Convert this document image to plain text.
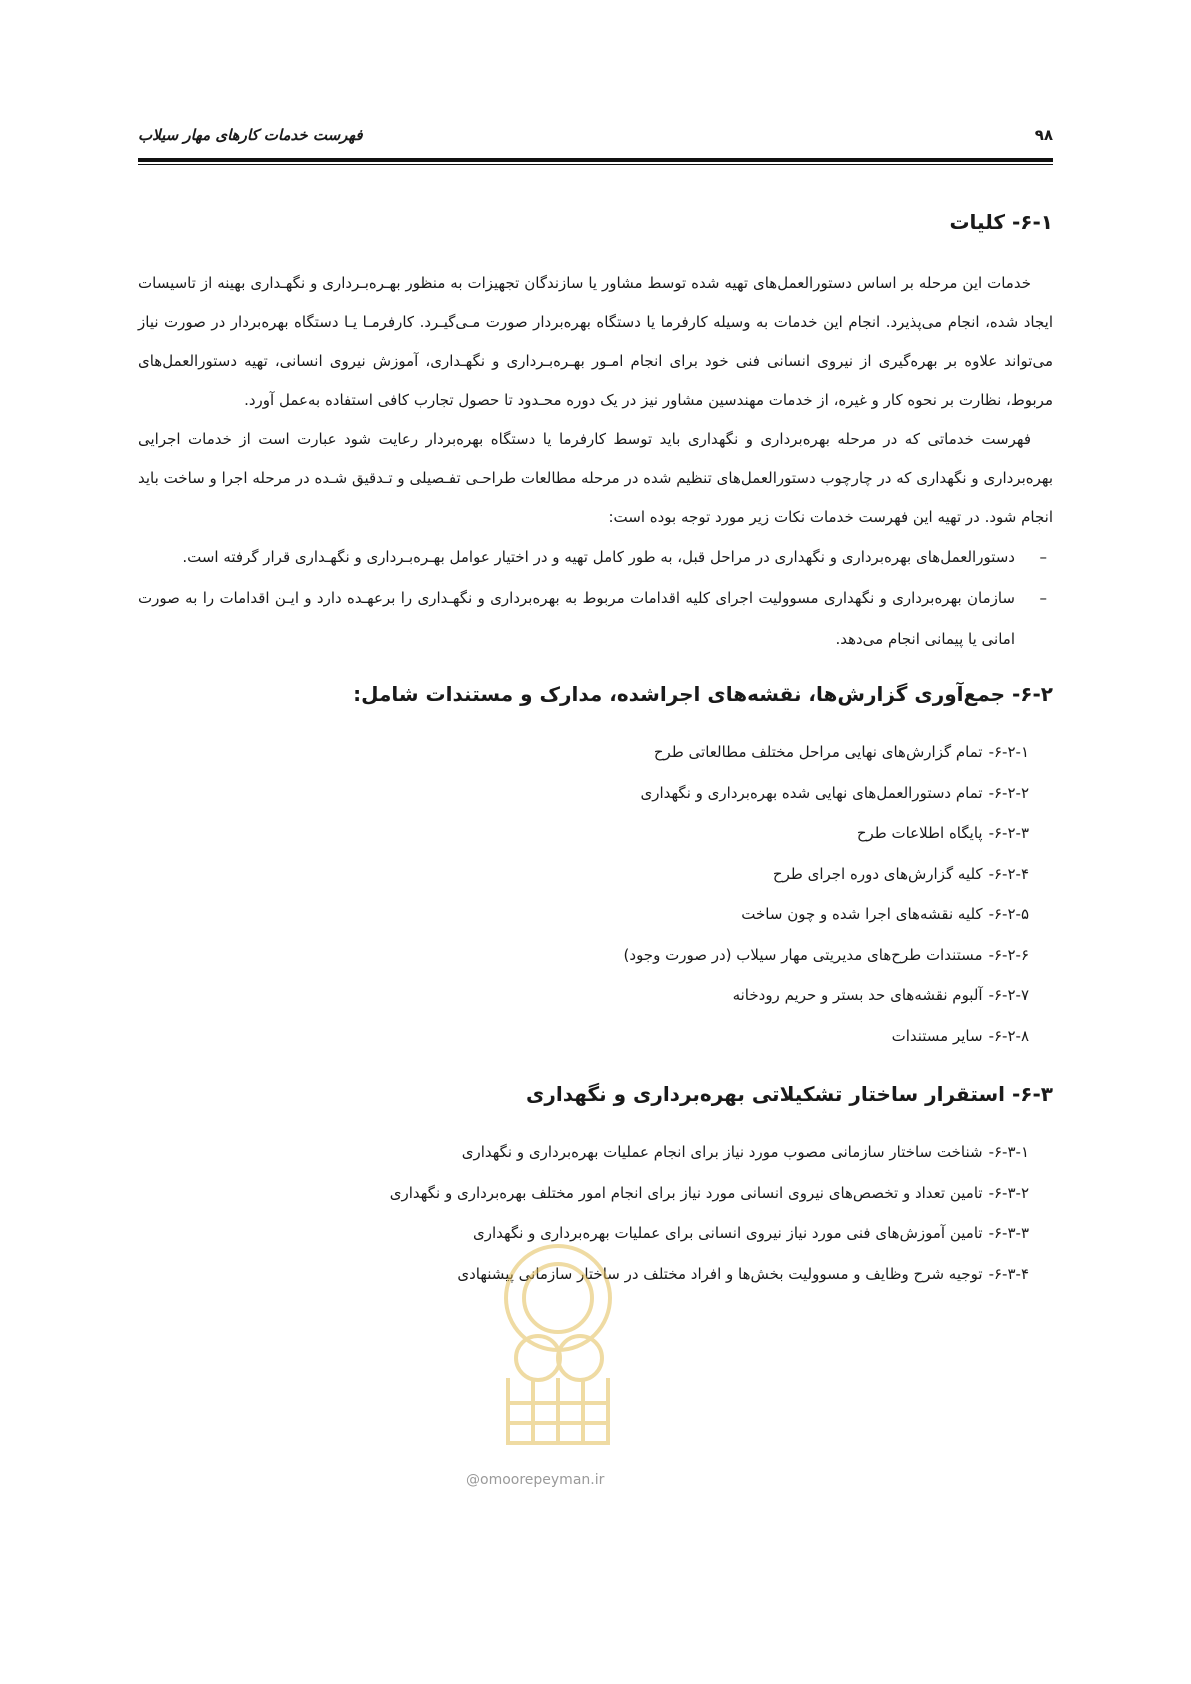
۹۸
فهرست خدمات کارهای مهار سیلاب
۶-۱- کلیات

خدمات این مرحله بر اساس دستورالعمل‌های تهیه شده توسط مشاور یا سازندگان تجهیزات به منظور بهـره‌بـرداری و نگهـداری بهینه از تاسیسات ایجاد شده، انجام می‌پذیرد. انجام این خدمات به وسیله کارفرما یا دستگاه بهره‌بردار صورت مـی‌گیـرد. کارفرمـا یـا دستگاه بهره‌بردار در صورت نیاز می‌تواند علاوه بر بهره‌گیری از نیروی انسانی فنی خود برای انجام امـور بهـره‌بـرداری و نگهـداری، آموزش نیروی انسانی، تهیه دستورالعمل‌های مربوط، نظارت بر نحوه کار و غیره، از خدمات مهندسین مشاور نیز در یک دوره محـدود تا حصول تجارب کافی استفاده به‌عمل آورد.

فهرست خدماتی که در مرحله بهره‌برداری و نگهداری باید توسط کارفرما یا دستگاه بهره‌بردار رعایت شود عبارت است از خدمات اجرایی بهره‌برداری و نگهداری که در چارچوب دستورالعمل‌های تنظیم شده در مرحله مطالعات طراحـی تفـصیلی و تـدقیق شـده در مرحله اجرا و ساخت باید انجام شود. در تهیه این فهرست خدمات نکات زیر مورد توجه بوده است:

–
دستورالعمل‌های بهره‌برداری و نگهداری در مراحل قبل، به طور کامل تهیه و در اختیار عوامل بهـره‌بـرداری و نگهـداری قرار گرفته است.
–
سازمان بهره‌برداری و نگهداری مسوولیت اجرای کلیه اقدامات مربوط به بهره‌برداری و نگهـداری را برعهـده دارد و ایـن اقدامات را به صورت امانی یا پیمانی انجام می‌دهد.
۶-۲- جمع‌آوری گزارش‌ها، نقشه‌های اجراشده، مدارک و مستندات شامل:
۶-۲-۱-تمام گزارش‌های نهایی مراحل مختلف مطالعاتی طرح
۶-۲-۲-تمام دستورالعمل‌های نهایی شده بهره‌برداری و نگهداری
۶-۲-۳-پایگاه اطلاعات طرح
۶-۲-۴-کلیه گزارش‌های دوره اجرای طرح
۶-۲-۵-کلیه نقشه‌های اجرا شده و چون ساخت
۶-۲-۶-مستندات طرح‌های مدیریتی مهار سیلاب (در صورت وجود)
۶-۲-۷-آلبوم نقشه‌های حد بستر و حریم رودخانه
۶-۲-۸-سایر مستندات
۶-۳- استقرار ساختار تشکیلاتی بهره‌برداری و نگهداری
۶-۳-۱-شناخت ساختار سازمانی مصوب مورد نیاز برای انجام عملیات بهره‌برداری و نگهداری
۶-۳-۲-تامین تعداد و تخصص‌های نیروی انسانی مورد نیاز برای انجام امور مختلف بهره‌برداری و نگهداری
۶-۳-۳-تامین آموزش‌های فنی مورد نیاز نیروی انسانی برای عملیات بهره‌برداری و نگهداری
۶-۳-۴-توجیه شرح وظایف و مسوولیت بخش‌ها و افراد مختلف در ساختار سازمانی پیشنهادی
@omoorepeyman.ir
